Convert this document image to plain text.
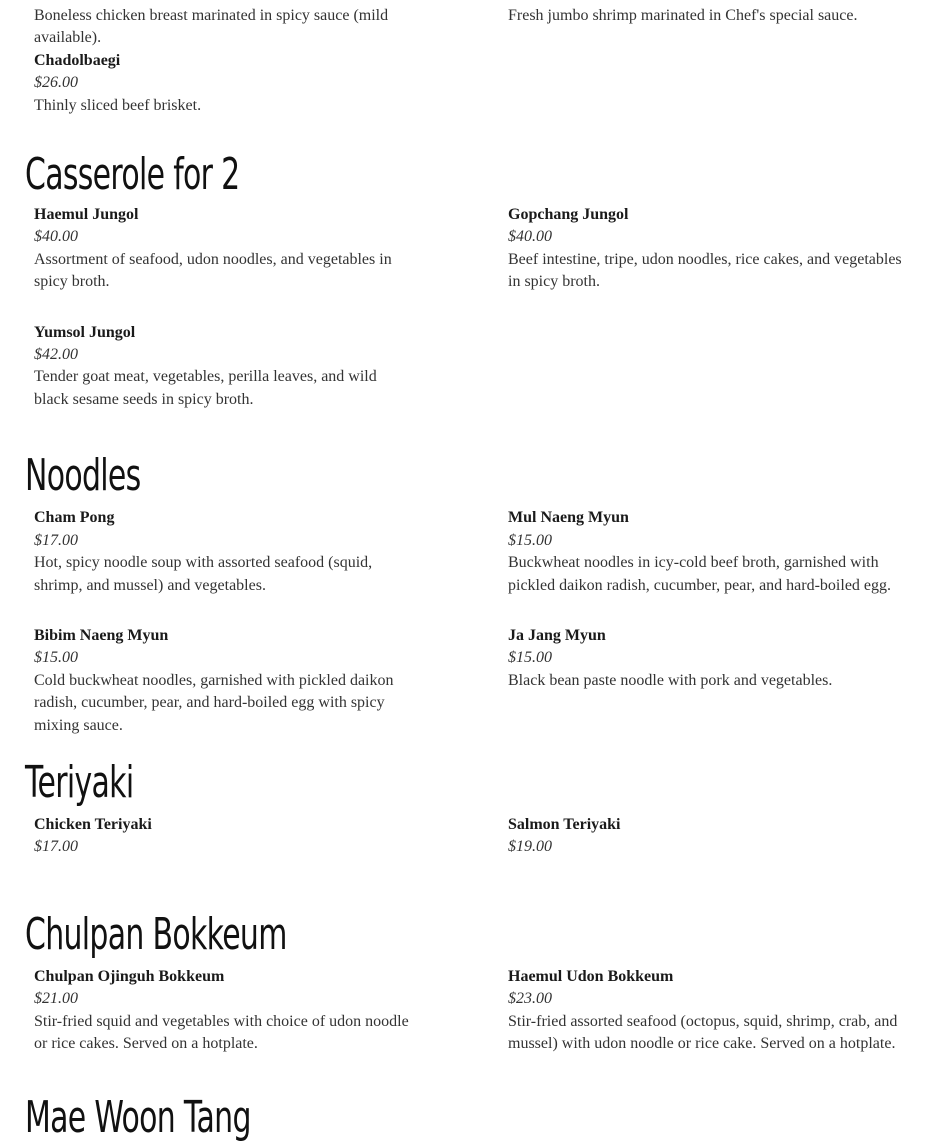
Boneless chicken breast marinated in spicy sauce (mild available).
Fresh jumbo shrimp marinated in Chef's special sauce.
Chadolbaegi
$26.00
Thinly sliced beef brisket.
Casserole for 2
Haemul Jungol
$40.00
Assortment of seafood, udon noodles, and vegetables in spicy broth.
Gopchang Jungol
$40.00
Beef intestine, tripe, udon noodles, rice cakes, and vegetables in spicy broth.
Yumsol Jungol
$42.00
Tender goat meat, vegetables, perilla leaves, and wild black sesame seeds in spicy broth.
Noodles
Cham Pong
$17.00
Hot, spicy noodle soup with assorted seafood (squid, shrimp, and mussel) and vegetables.
Mul Naeng Myun
$15.00
Buckwheat noodles in icy-cold beef broth, garnished with pickled daikon radish, cucumber, pear, and hard-boiled egg.
Bibim Naeng Myun
$15.00
Cold buckwheat noodles, garnished with pickled daikon radish, cucumber, pear, and hard-boiled egg with spicy mixing sauce.
Ja Jang Myun
$15.00
Black bean paste noodle with pork and vegetables.
Teriyaki
Chicken Teriyaki
$17.00
Salmon Teriyaki
$19.00
Chulpan Bokkeum
Chulpan Ojinguh Bokkeum
$21.00
Stir-fried squid and vegetables with choice of udon noodle or rice cakes. Served on a hotplate.
Haemul Udon Bokkeum
$23.00
Stir-fried assorted seafood (octopus, squid, shrimp, crab, and mussel) with udon noodle or rice cake. Served on a hotplate.
Mae Woon Tang
